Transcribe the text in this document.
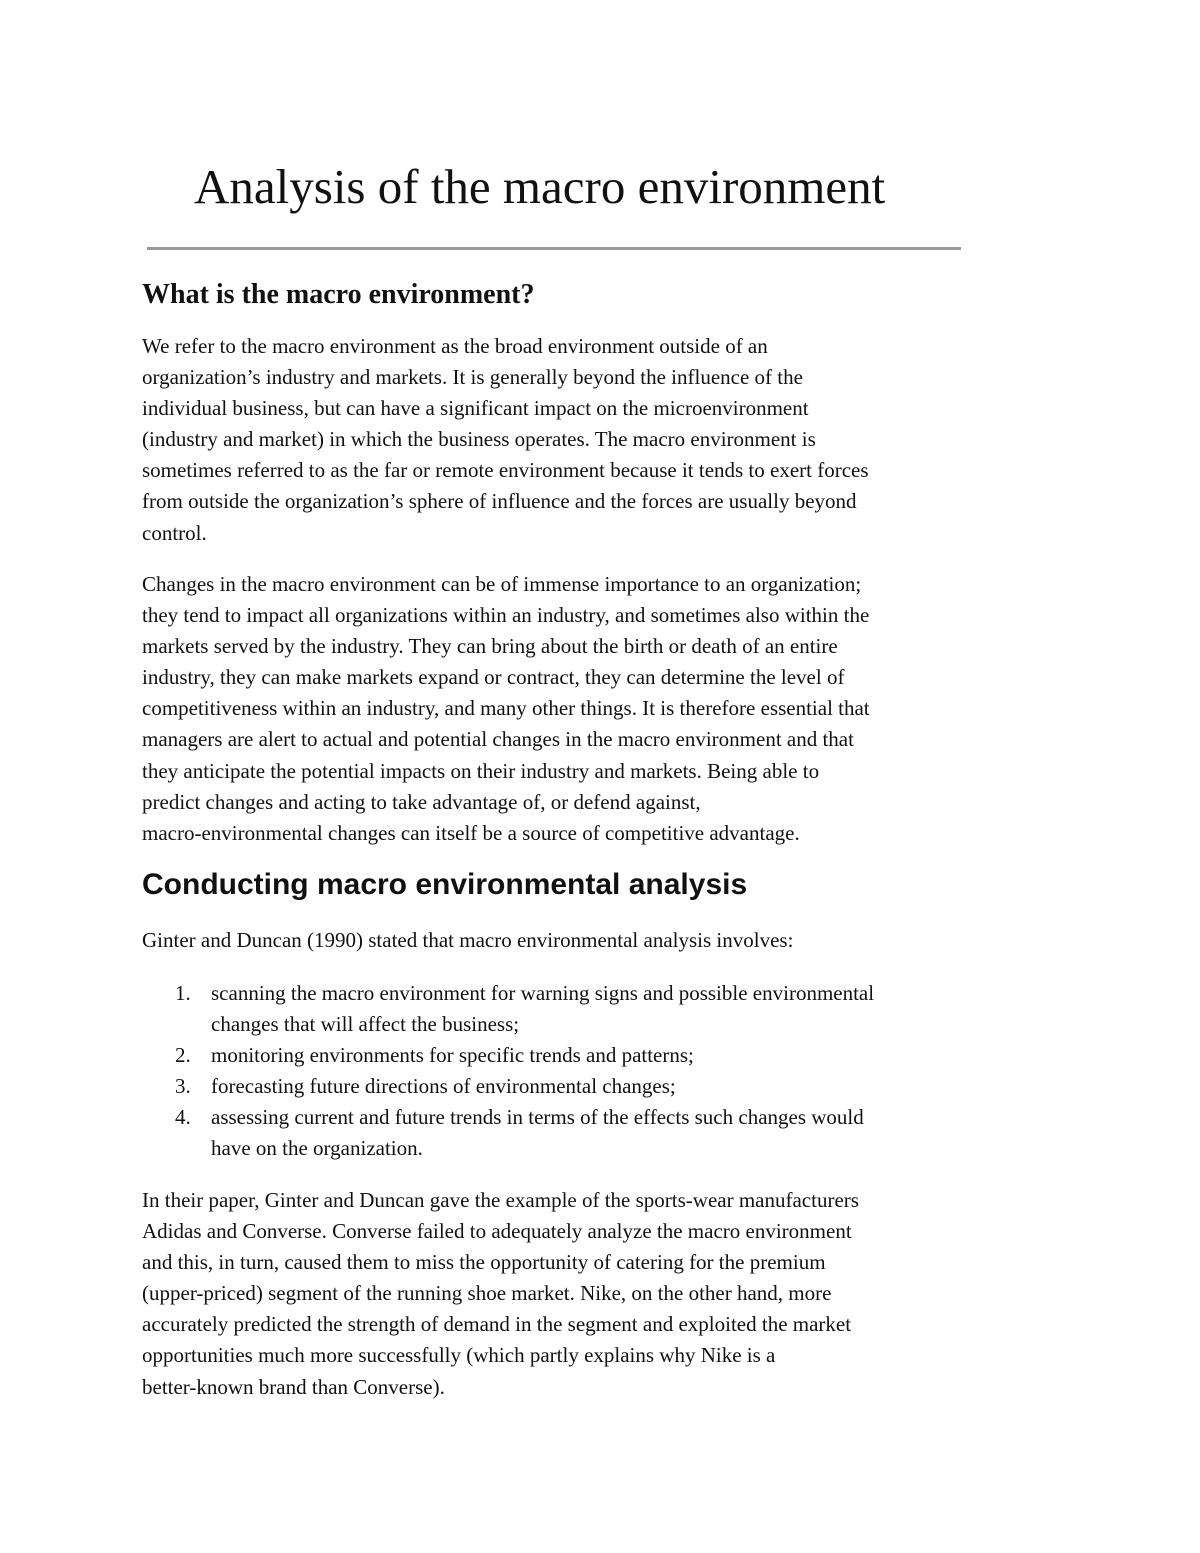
Analysis of the macro environment
What is the macro environment?

We refer to the macro environment as the broad environment outside of an
organization’s industry and markets. It is generally beyond the influence of the
individual business, but can have a significant impact on the microenvironment
(industry and market) in which the business operates. The macro environment is
sometimes referred to as the far or remote environment because it tends to exert forces
from outside the organization’s sphere of influence and the forces are usually beyond
control.

Changes in the macro environment can be of immense importance to an organization;
they tend to impact all organizations within an industry, and sometimes also within the
markets served by the industry. They can bring about the birth or death of an entire
industry, they can make markets expand or contract, they can determine the level of
competitiveness within an industry, and many other things. It is therefore essential that
managers are alert to actual and potential changes in the macro environment and that
they anticipate the potential impacts on their industry and markets. Being able to
predict changes and acting to take advantage of, or defend against,
macro-environmental changes can itself be a source of competitive advantage.

Conducting macro environmental analysis

Ginter and Duncan (1990) stated that macro environmental analysis involves:

1. scanning the macro environment for warning signs and possible environmental
changes that will affect the business;
2. monitoring environments for specific trends and patterns;
3. forecasting future directions of environmental changes;
4. assessing current and future trends in terms of the effects such changes would
have on the organization.

In their paper, Ginter and Duncan gave the example of the sports-wear manufacturers
Adidas and Converse. Converse failed to adequately analyze the macro environment
and this, in turn, caused them to miss the opportunity of catering for the premium
(upper-priced) segment of the running shoe market. Nike, on the other hand, more
accurately predicted the strength of demand in the segment and exploited the market
opportunities much more successfully (which partly explains why Nike is a
better-known brand than Converse).
